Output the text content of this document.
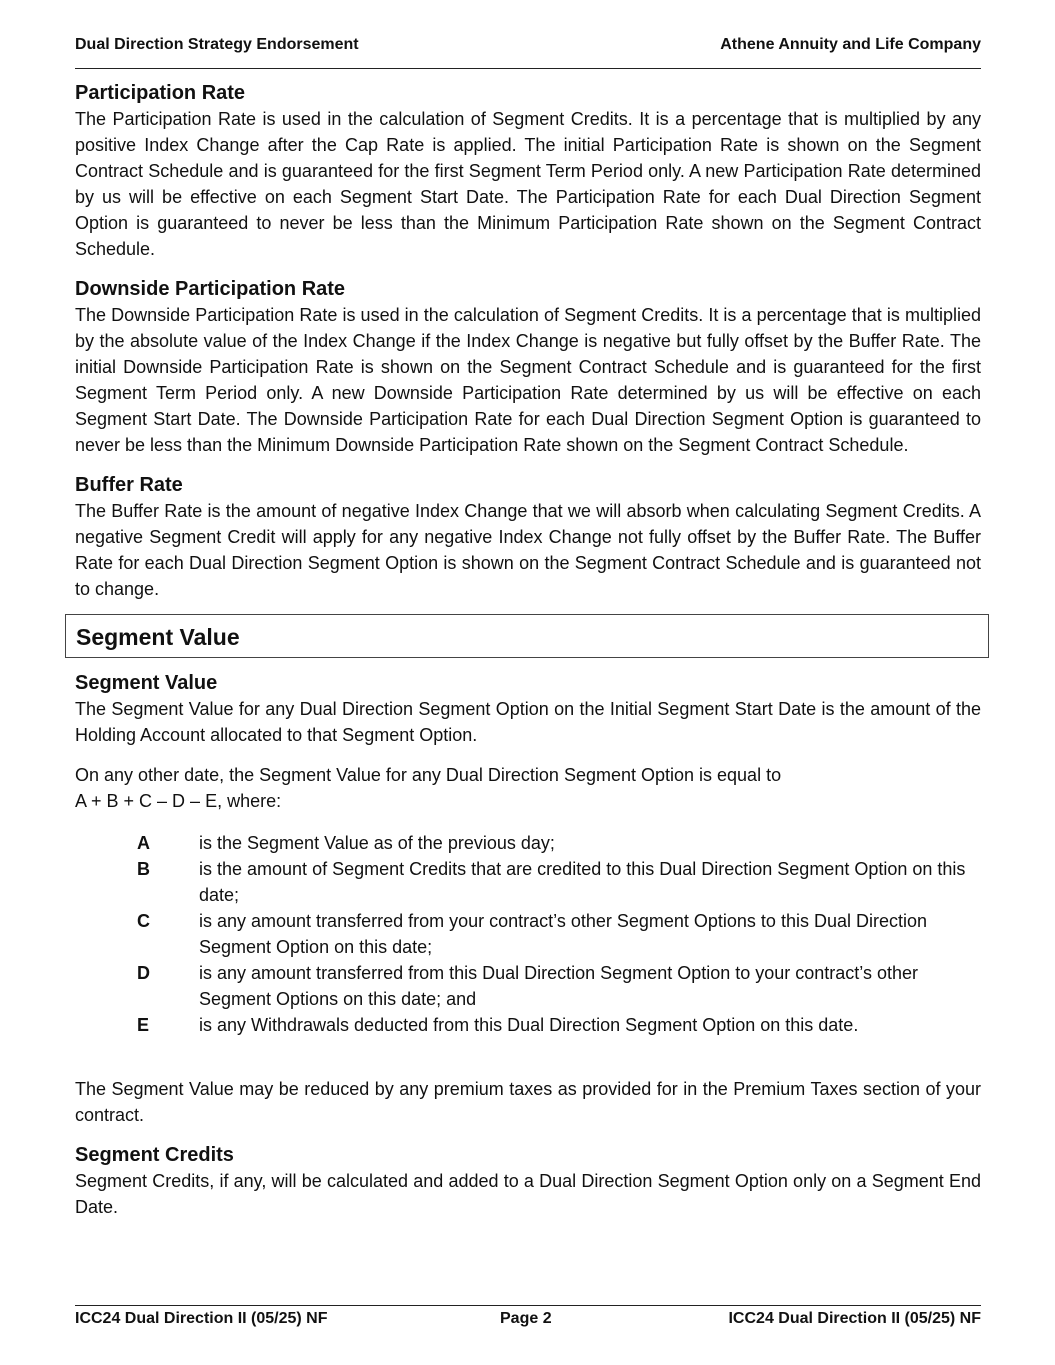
Dual Direction Strategy Endorsement	Athene Annuity and Life Company
Participation Rate

The Participation Rate is used in the calculation of Segment Credits. It is a percentage that is multiplied by any positive Index Change after the Cap Rate is applied. The initial Participation Rate is shown on the Segment Contract Schedule and is guaranteed for the first Segment Term Period only. A new Participation Rate determined by us will be effective on each Segment Start Date. The Participation Rate for each Dual Direction Segment Option is guaranteed to never be less than the Minimum Participation Rate shown on the Segment Contract Schedule.

Downside Participation Rate

The Downside Participation Rate is used in the calculation of Segment Credits. It is a percentage that is multiplied by the absolute value of the Index Change if the Index Change is negative but fully offset by the Buffer Rate. The initial Downside Participation Rate is shown on the Segment Contract Schedule and is guaranteed for the first Segment Term Period only. A new Downside Participation Rate determined by us will be effective on each Segment Start Date. The Downside Participation Rate for each Dual Direction Segment Option is guaranteed to never be less than the Minimum Downside Participation Rate shown on the Segment Contract Schedule.

Buffer Rate

The Buffer Rate is the amount of negative Index Change that we will absorb when calculating Segment Credits. A negative Segment Credit will apply for any negative Index Change not fully offset by the Buffer Rate. The Buffer Rate for each Dual Direction Segment Option is shown on the Segment Contract Schedule and is guaranteed not to change.

Segment Value
Segment Value

The Segment Value for any Dual Direction Segment Option on the Initial Segment Start Date is the amount of the Holding Account allocated to that Segment Option.

On any other date, the Segment Value for any Dual Direction Segment Option is equal to

A + B + C – D – E, where:

A	is the Segment Value as of the previous day;
B	is the amount of Segment Credits that are credited to this Dual Direction Segment Option on this date;
C	is any amount transferred from your contract’s other Segment Options to this Dual Direction Segment Option on this date;
D	is any amount transferred from this Dual Direction Segment Option to your contract’s other Segment Options on this date; and
E	is any Withdrawals deducted from this Dual Direction Segment Option on this date.

The Segment Value may be reduced by any premium taxes as provided for in the Premium Taxes section of your contract.

Segment Credits

Segment Credits, if any, will be calculated and added to a Dual Direction Segment Option only on a Segment End Date.

ICC24 Dual Direction II (05/25) NF	Page 2	ICC24 Dual Direction II (05/25) NF
